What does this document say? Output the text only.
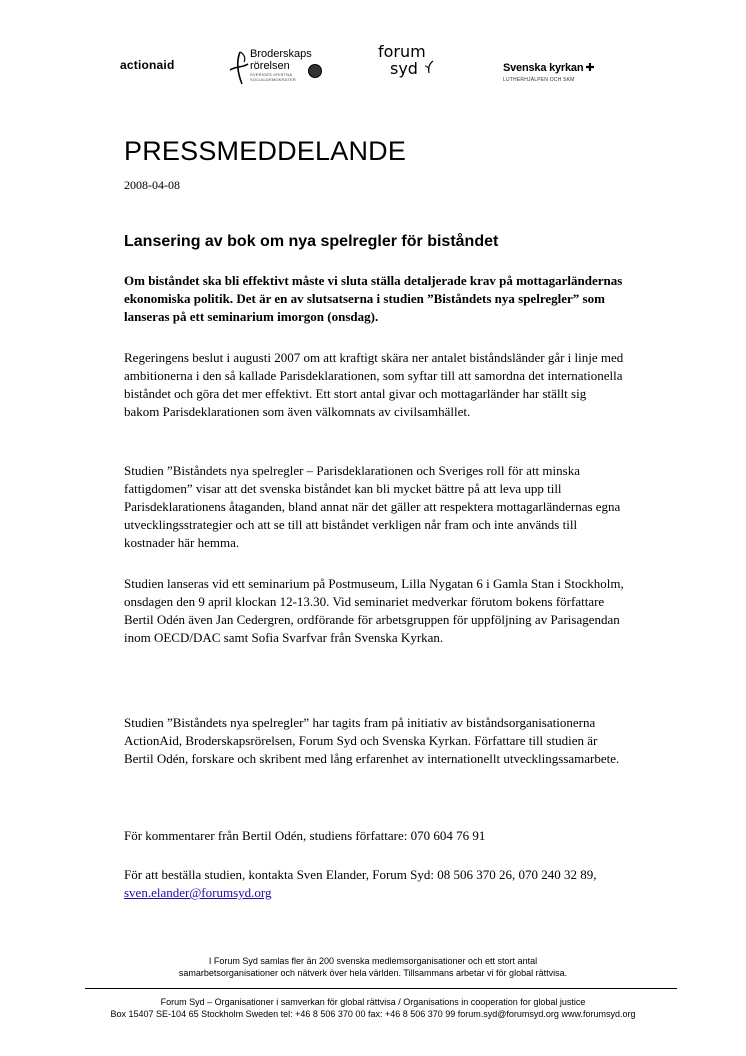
actionaid
Broderskaps
rörelsen
SVERIGES KRISTNA
SOCIALDEMOKRATER
forum
syd	Svenska kyrkan ✚
LUTHERHJÄLPEN OCH SKM
PRESSMEDDELANDE
2008-04-08
Lansering av bok om nya spelregler för biståndet
Om biståndet ska bli effektivt måste vi sluta ställa detaljerade krav på mottagarländernas ekonomiska politik. Det är en av slutsatserna i studien ”Biståndets nya spelregler” som lanseras på ett seminarium imorgon (onsdag).
Regeringens beslut i augusti 2007 om att kraftigt skära ner antalet biståndsländer går i linje med ambitionerna i den så kallade Parisdeklarationen, som syftar till att samordna det internationella biståndet och göra det mer effektivt. Ett stort antal givar och mottagarländer har ställt sig bakom Parisdeklarationen som även välkomnats av civilsamhället.
Studien ”Biståndets nya spelregler – Parisdeklarationen och Sveriges roll för att minska fattigdomen” visar att det svenska biståndet kan bli mycket bättre på att leva upp till Parisdeklarationens åtaganden, bland annat när det gäller att respektera mottagarländernas egna utvecklingsstrategier och att se till att biståndet verkligen når fram och inte används till kostnader här hemma.
Studien lanseras vid ett seminarium på Postmuseum, Lilla Nygatan 6 i Gamla Stan i Stockholm, onsdagen den 9 april klockan 12-13.30. Vid seminariet medverkar förutom bokens författare Bertil Odén även Jan Cedergren, ordförande för arbetsgruppen för uppföljning av Parisagendan inom OECD/DAC samt Sofia Svarfvar från Svenska Kyrkan.
Studien ”Biståndets nya spelregler” har tagits fram på initiativ av biståndsorganisationerna ActionAid, Broderskapsrörelsen, Forum Syd och Svenska Kyrkan. Författare till studien är Bertil Odén, forskare och skribent med lång erfarenhet av internationellt utvecklingssamarbete.
För kommentarer från Bertil Odén, studiens författare: 070 604 76 91
För att beställa studien, kontakta Sven Elander, Forum Syd: 08 506 370 26, 070 240 32 89, sven.elander@forumsyd.org
I Forum Syd samlas fler än 200 svenska medlemsorganisationer och ett stort antal
samarbetsorganisationer och nätverk över hela världen. Tillsammans arbetar vi för global rättvisa.
Forum Syd – Organisationer i samverkan för global rättvisa / Organisations in cooperation for global justice
Box 15407 SE-104 65 Stockholm Sweden tel: +46 8 506 370 00 fax: +46 8 506 370 99 forum.syd@forumsyd.org www.forumsyd.org
